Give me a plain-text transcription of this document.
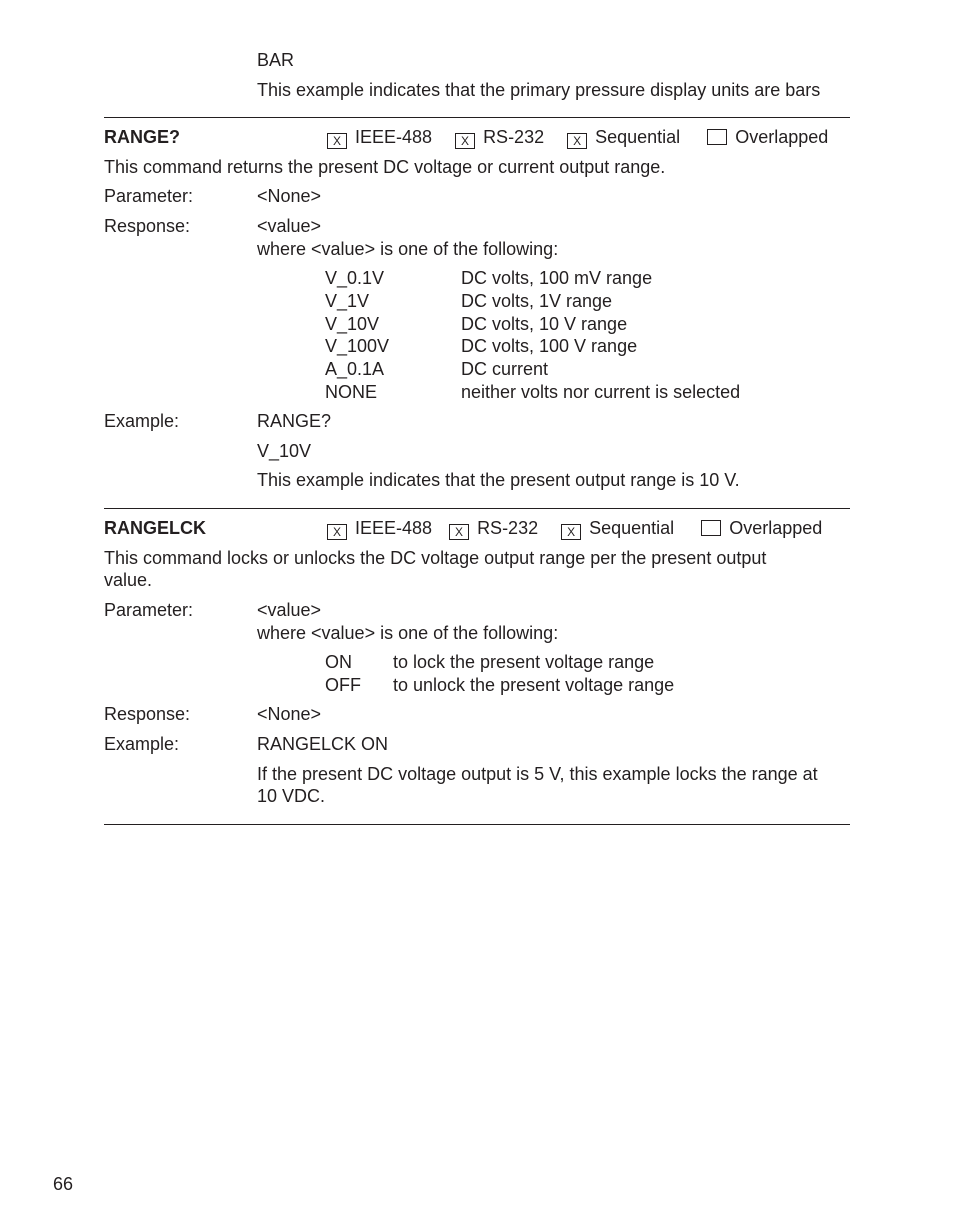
BAR
This example indicates that the primary pressure display units are bars
RANGE?	X IEEE-488 X RS-232 X Sequential	Overlapped
This command returns the present DC voltage or current output range.
Parameter:	<None>
Response:	<value>
where <value> is one of the following:
V_0.1V	DC volts, 100 mV range
V_1V	DC volts, 1V range
V_10V	DC volts, 10 V range
V_100V	DC volts, 100 V range
A_0.1A	DC current
NONE	neither volts nor current is selected
Example:	RANGE?
V_10V
This example indicates that the present output range is 10 V.
RANGELCK	X IEEE-488 X RS-232 X Sequential	Overlapped
This command locks or unlocks the DC voltage output range per the present output
value.
Parameter:	<value>
where <value> is one of the following:
ON to lock the present voltage range
OFF to unlock the present voltage range
Response:	<None>
Example:	RANGELCK ON
If the present DC voltage output is 5 V, this example locks the range at
10 VDC.
66
